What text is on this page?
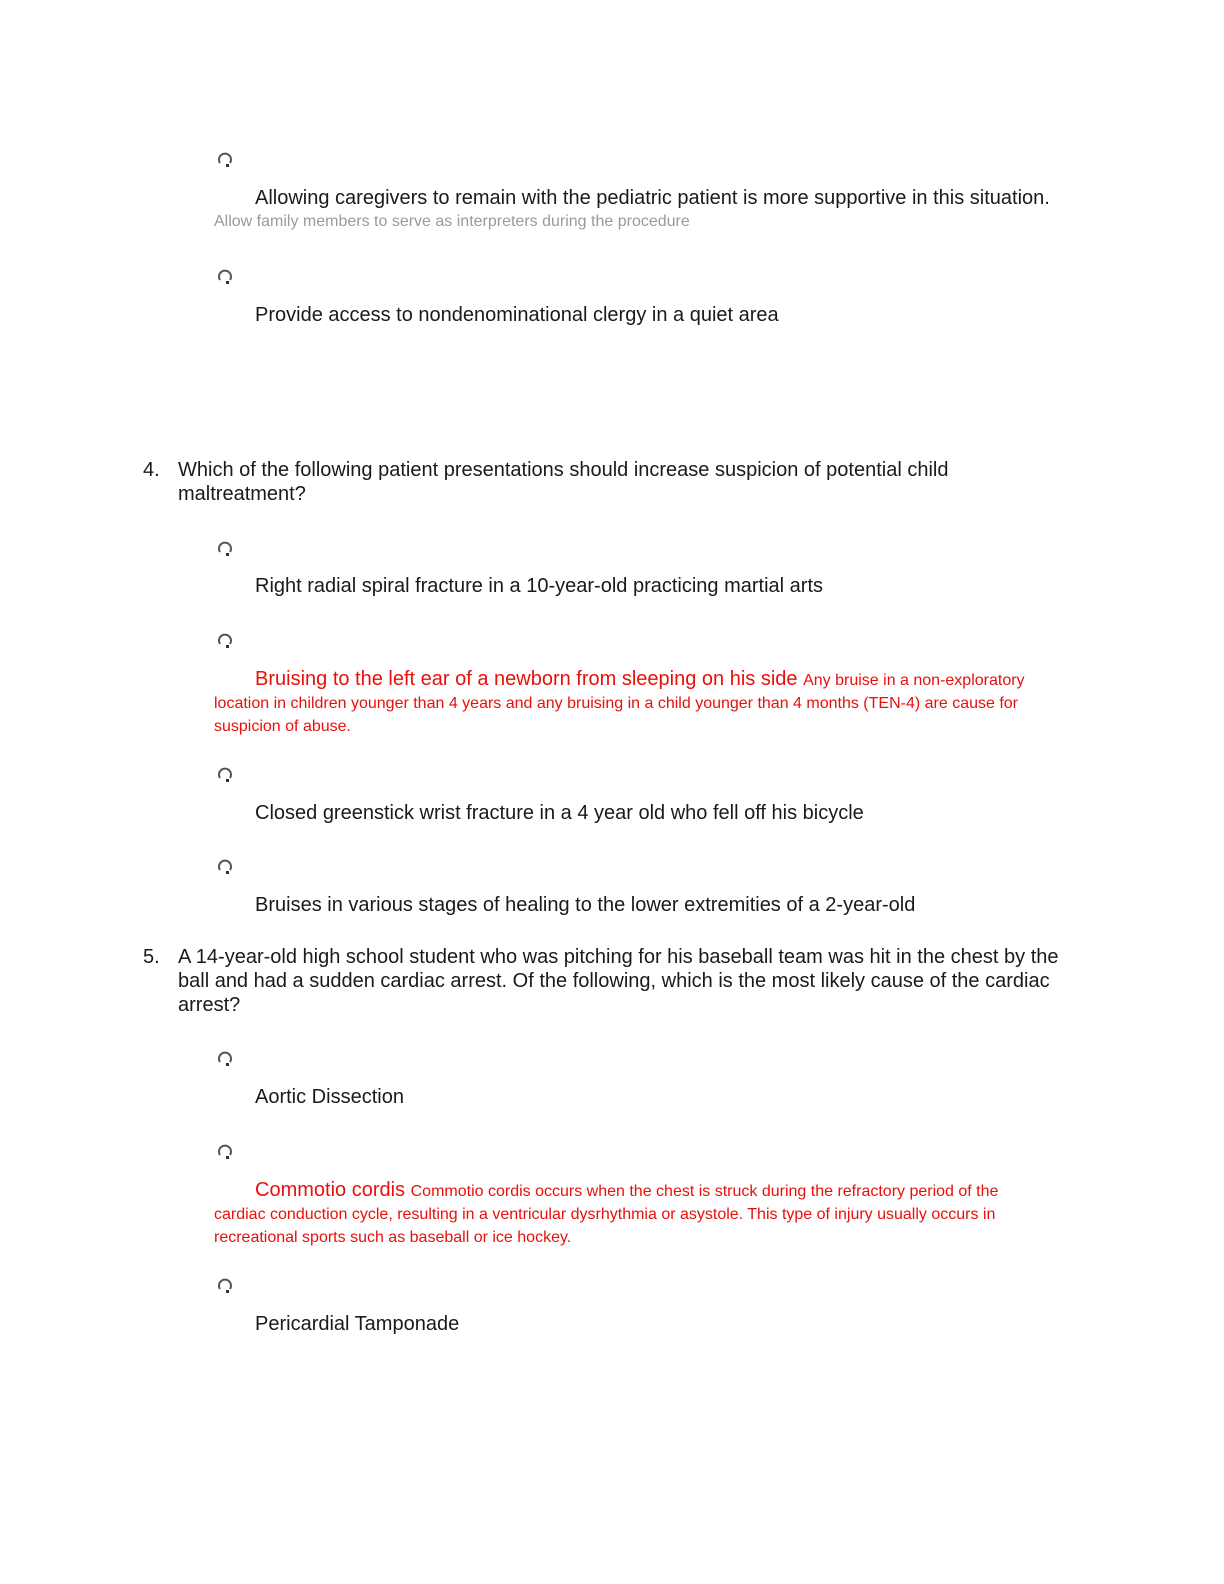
Allowing caregivers to remain with the pediatric patient is more supportive in this situation. Allow family members to serve as interpreters during the procedure

Provide access to nondenominational clergy in a quiet area

4. Which of the following patient presentations should increase suspicion of potential child maltreatment?

Right radial spiral fracture in a 10-year-old practicing martial arts

Bruising to the left ear of a newborn from sleeping on his side Any bruise in a non-exploratory location in children younger than 4 years and any bruising in a child younger than 4 months (TEN-4) are cause for suspicion of abuse.

Closed greenstick wrist fracture in a 4 year old who fell off his bicycle

Bruises in various stages of healing to the lower extremities of a 2-year-old

5. A 14-year-old high school student who was pitching for his baseball team was hit in the chest by the ball and had a sudden cardiac arrest. Of the following, which is the most likely cause of the cardiac arrest?

Aortic Dissection

Commotio cordis Commotio cordis occurs when the chest is struck during the refractory period of the cardiac conduction cycle, resulting in a ventricular dysrhythmia or asystole. This type of injury usually occurs in recreational sports such as baseball or ice hockey.

Pericardial Tamponade
